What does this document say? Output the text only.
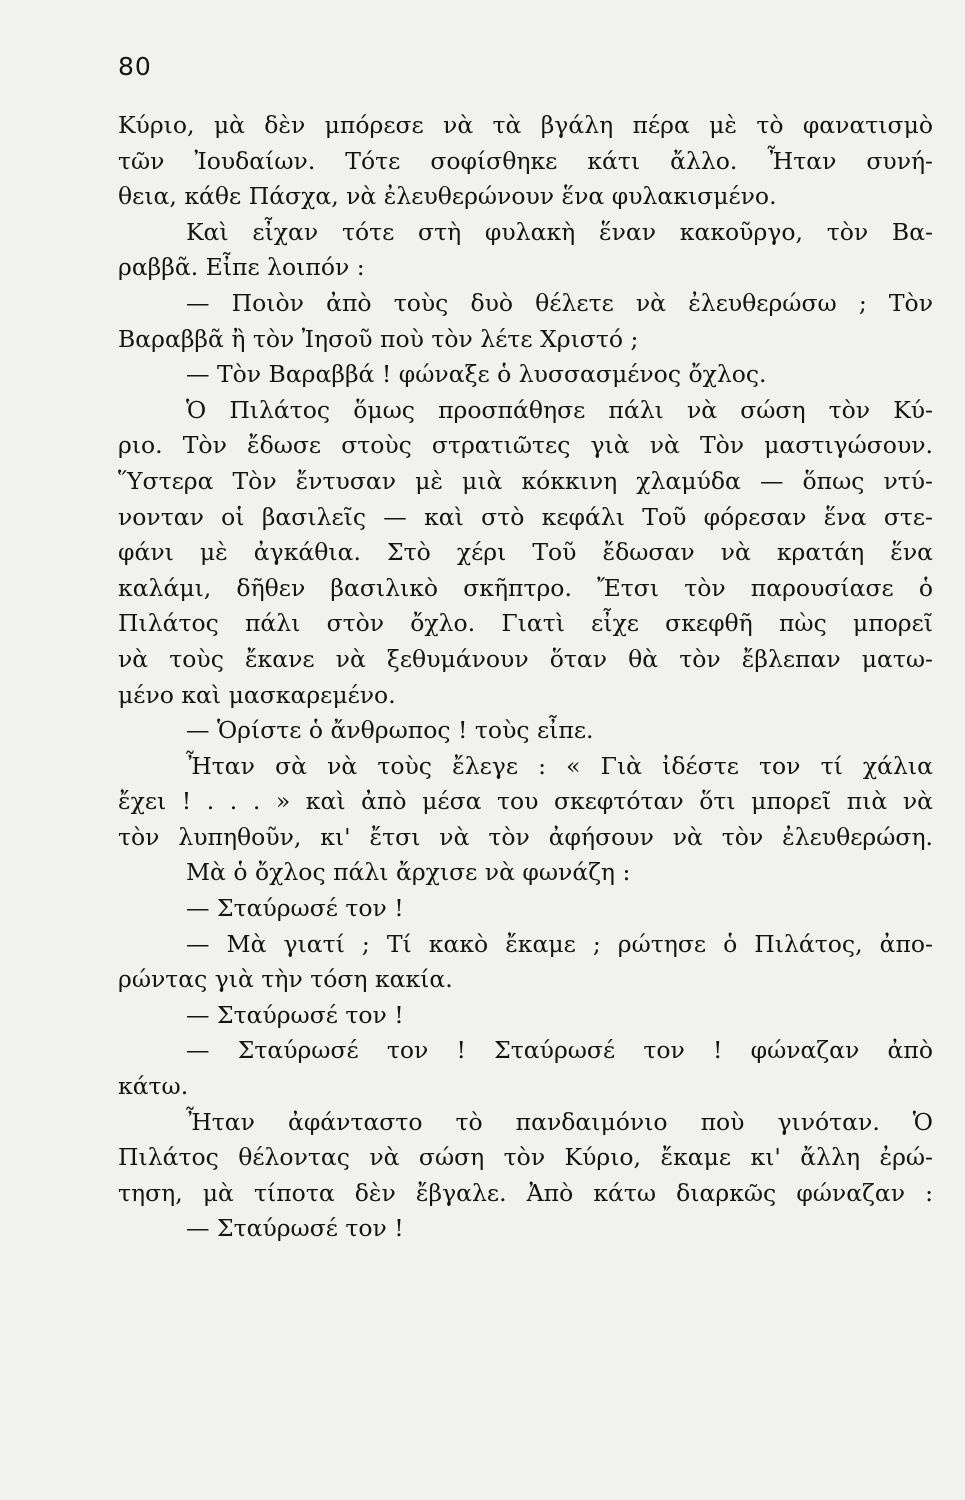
80
Κύριο, μὰ δὲν μπόρεσε νὰ τὰ βγάλη πέρα μὲ τὸ φανατισμὸ
τῶν Ἰουδαίων. Τότε σοφίσθηκε κάτι ἄλλο. Ἦταν συνή-
θεια, κάθε Πάσχα, νὰ ἐλευθερώνουν ἕνα φυλακισμένο.
Καὶ εἶχαν τότε στὴ φυλακὴ ἕναν κακοῦργο, τὸν Βα-
ραββᾶ. Εἶπε λοιπόν :
— Ποιὸν ἀπὸ τοὺς δυὸ θέλετε νὰ ἐλευθερώσω ; Τὸν
Βαραββᾶ ἢ τὸν Ἰησοῦ ποὺ τὸν λέτε Χριστό ;
— Τὸν Βαραββά ! φώναξε ὁ λυσσασμένος ὄχλος.
Ὁ Πιλάτος ὅμως προσπάθησε πάλι νὰ σώση τὸν Κύ-
ριο. Τὸν ἔδωσε στοὺς στρατιῶτες γιὰ νὰ Τὸν μαστιγώσουν.
Ὕστερα Τὸν ἔντυσαν μὲ μιὰ κόκκινη χλαμύδα — ὅπως ντύ-
νονταν οἱ βασιλεῖς — καὶ στὸ κεφάλι Τοῦ φόρεσαν ἕνα στε-
φάνι μὲ ἀγκάθια. Στὸ χέρι Τοῦ ἔδωσαν νὰ κρατάη ἕνα
καλάμι, δῆθεν βασιλικὸ σκῆπτρο. Ἔτσι τὸν παρουσίασε ὁ
Πιλάτος πάλι στὸν ὄχλο. Γιατὶ εἶχε σκεφθῆ πὼς μπορεῖ
νὰ τοὺς ἔκανε νὰ ξεθυμάνουν ὅταν θὰ τὸν ἔβλεπαν ματω-
μένο καὶ μασκαρεμένο.
— Ὁρίστε ὁ ἄνθρωπος ! τοὺς εἶπε.
Ἦταν σὰ νὰ τοὺς ἔλεγε : « Γιὰ ἰδέστε τον τί χάλια
ἔχει ! . . . » καὶ ἀπὸ μέσα του σκεφτόταν ὅτι μπορεῖ πιὰ νὰ
τὸν λυπηθοῦν, κι' ἔτσι νὰ τὸν ἀφήσουν νὰ τὸν ἐλευθερώση.
Μὰ ὁ ὄχλος πάλι ἄρχισε νὰ φωνάζη :
— Σταύρωσέ τον !
— Μὰ γιατί ; Τί κακὸ ἔκαμε ; ρώτησε ὁ Πιλάτος, ἀπο-
ρώντας γιὰ τὴν τόση κακία.
— Σταύρωσέ τον !
— Σταύρωσέ τον ! Σταύρωσέ τον ! φώναζαν ἀπὸ
κάτω.
Ἦταν ἀφάνταστο τὸ πανδαιμόνιο ποὺ γινόταν. Ὁ
Πιλάτος θέλοντας νὰ σώση τὸν Κύριο, ἔκαμε κι' ἄλλη ἐρώ-
τηση, μὰ τίποτα δὲν ἔβγαλε. Ἀπὸ κάτω διαρκῶς φώναζαν :
— Σταύρωσέ τον !
